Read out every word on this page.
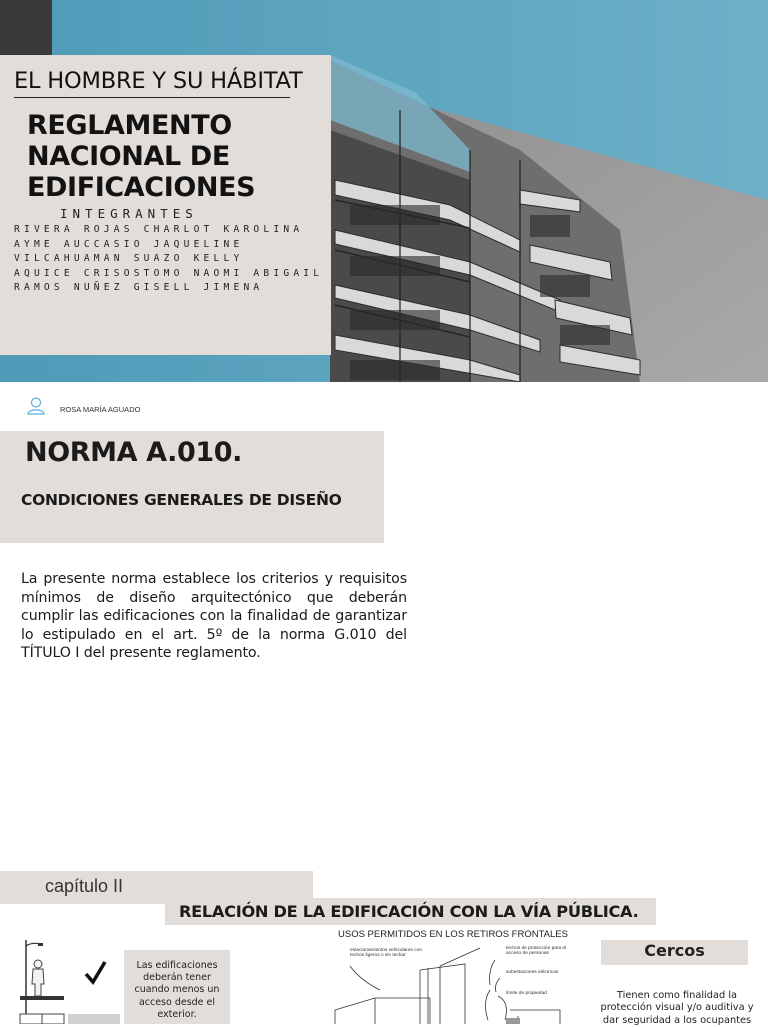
EL HOMBRE Y SU HÁBITAT
REGLAMENTO
NACIONAL DE
EDIFICACIONES
INTEGRANTES
RIVERA ROJAS CHARLOT KAROLINA
AYME AUCCASIO JAQUELINE
VILCAHUAMAN SUAZO KELLY
AQUICE CRISOSTOMO NAOMI ABIGAIL
RAMOS NUÑEZ GISELL JIMENA
ROSA MARÍA AGUADO
NORMA A.010.
CONDICIONES GENERALES DE DISEÑO
La presente norma establece los criterios y requisitos mínimos de diseño arquitectónico que deberán cumplir las edificaciones con la finalidad de garantizar lo estipulado en el art. 5º de la norma G.010 del TÍTULO I del presente reglamento.
capítulo II
RELACIÓN DE LA EDIFICACIÓN CON LA VÍA PÚBLICA.
USOS PERMITIDOS EN LOS RETIROS FRONTALES
Las edificaciones deberán tener cuando menos un acceso desde el exterior.
estacionamientos vehiculares con techos ligeros o sin techar
techos de protección para el acceso de personas
subestaciones eléctricas
límite de propiedad
Cercos
Tienen como finalidad la protección visual y/o auditiva y dar seguridad a los ocupantes
